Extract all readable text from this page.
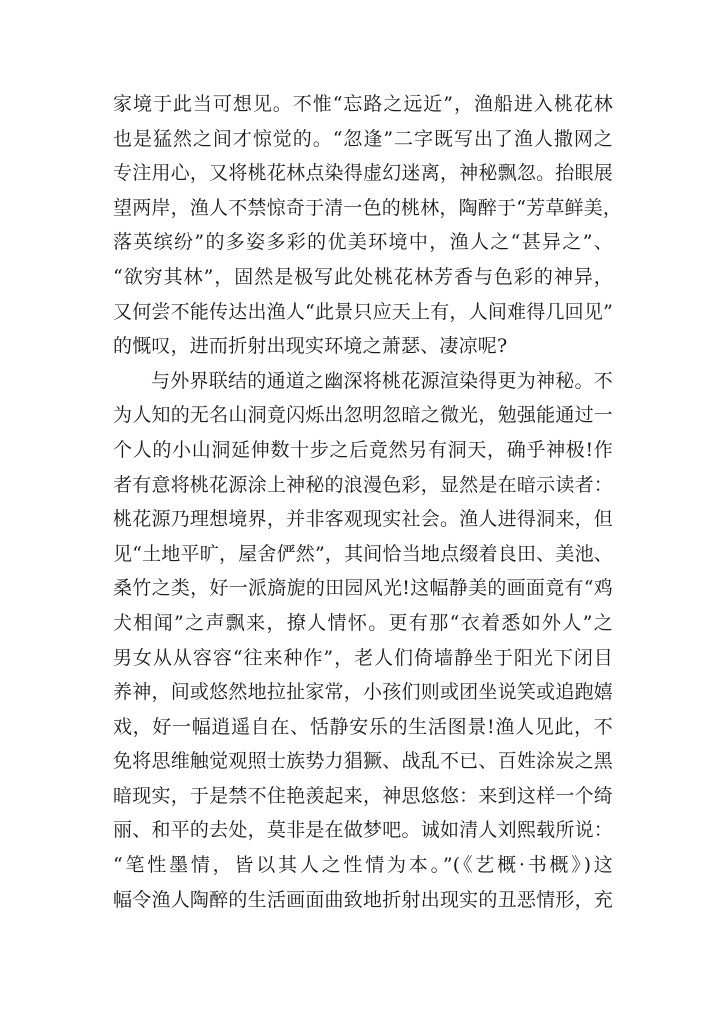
家境于此当可想见。不惟“忘路之远近”，渔船进入桃花林
也是猛然之间才惊觉的。“忽逢”二字既写出了渔人撒网之
专注用心，又将桃花林点染得虚幻迷离，神秘飘忽。抬眼展
望两岸，渔人不禁惊奇于清一色的桃林，陶醉于“芳草鲜美，
落英缤纷”的多姿多彩的优美环境中，渔人之“甚异之”、
“欲穷其林”，固然是极写此处桃花林芳香与色彩的神异，
又何尝不能传达出渔人“此景只应天上有，人间难得几回见”
的慨叹，进而折射出现实环境之萧瑟、凄凉呢?
与外界联结的通道之幽深将桃花源渲染得更为神秘。不
为人知的无名山洞竟闪烁出忽明忽暗之微光，勉强能通过一
个人的小山洞延伸数十步之后竟然另有洞天，确乎神极!作
者有意将桃花源涂上神秘的浪漫色彩，显然是在暗示读者：
桃花源乃理想境界，并非客观现实社会。渔人进得洞来，但
见“土地平旷，屋舍俨然”，其间恰当地点缀着良田、美池、
桑竹之类，好一派旖旎的田园风光!这幅静美的画面竟有“鸡
犬相闻”之声飘来，撩人情怀。更有那“衣着悉如外人”之
男女从从容容“往来种作”，老人们倚墙静坐于阳光下闭目
养神，间或悠然地拉扯家常，小孩们则或团坐说笑或追跑嬉
戏，好一幅逍遥自在、恬静安乐的生活图景!渔人见此，不
免将思维触觉观照士族势力猖獗、战乱不已、百姓涂炭之黑
暗现实，于是禁不住艳羡起来，神思悠悠：来到这样一个绮
丽、和平的去处，莫非是在做梦吧。诚如清人刘熙载所说：
“笔性墨情，皆以其人之性情为本。”(《艺概·书概》)这
幅令渔人陶醉的生活画面曲致地折射出现实的丑恶情形，充
